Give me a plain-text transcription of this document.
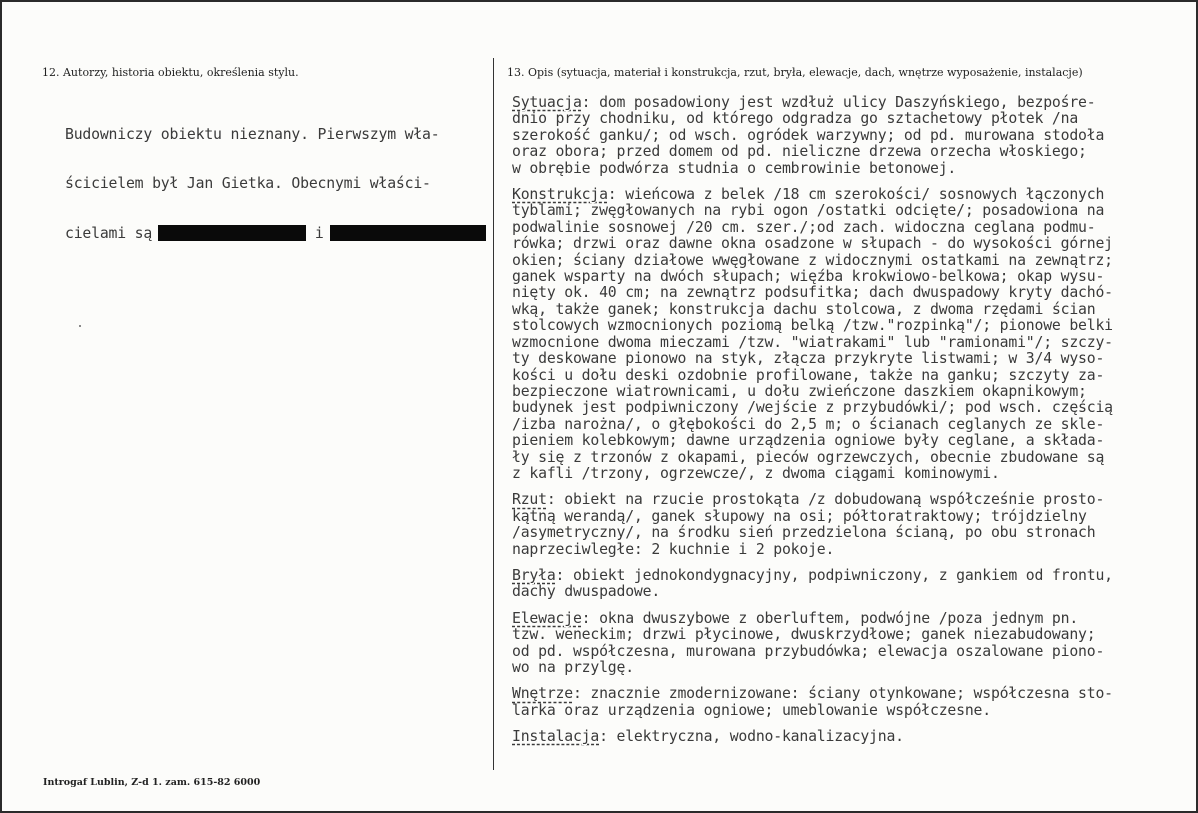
12. Autorzy, historia obiektu, określenia stylu.	13. Opis (sytuacja, materiał i konstrukcja, rzut, bryła, elewacje, dach, wnętrze wyposażenie, instalacje)

Budowniczy obiektu nieznany. Pierwszym wła-

ścicielem był Jan Gietka. Obecnymi właści-

cielami są	i

Sytuacja: dom posadowiony jest wzdłuż ulicy Daszyńskiego, bezpośre-
dnio przy chodniku, od którego odgradza go sztachetowy płotek /na
szerokość ganku/; od wsch. ogródek warzywny; od pd. murowana stodoła
oraz obora; przed domem od pd. nieliczne drzewa orzecha włoskiego;
w obrębie podwórza studnia o cembrowinie betonowej.
Konstrukcja: wieńcowa z belek /18 cm szerokości/ sosnowych łączonych
tyblami; zwęgłowanych na rybi ogon /ostatki odcięte/; posadowiona na
podwalinie sosnowej /20 cm. szer./;od zach. widoczna ceglana podmu-
rówka; drzwi oraz dawne okna osadzone w słupach - do wysokości górnej
okien; ściany działowe wwęgłowane z widocznymi ostatkami na zewnątrz;
ganek wsparty na dwóch słupach; więźba krokwiowo-belkowa; okap wysu-
nięty ok. 40 cm; na zewnątrz podsufitka; dach dwuspadowy kryty dachó-
wką, także ganek; konstrukcja dachu stolcowa, z dwoma rzędami ścian
stolcowych wzmocnionych poziomą belką /tzw."rozpinką"/; pionowe belki
wzmocnione dwoma mieczami /tzw. "wiatrakami" lub "ramionami"/; szczy-
ty deskowane pionowo na styk, złącza przykryte listwami; w 3/4 wyso-
kości u dołu deski ozdobnie profilowane, także na ganku; szczyty za-
bezpieczone wiatrownicami, u dołu zwieńczone daszkiem okapnikowym;
budynek jest podpiwniczony /wejście z przybudówki/; pod wsch. częścią
/izba narożna/, o głębokości do 2,5 m; o ścianach ceglanych ze skle-
pieniem kolebkowym; dawne urządzenia ogniowe były ceglane, a składa-
ły się z trzonów z okapami, pieców ogrzewczych, obecnie zbudowane są
z kafli /trzony, ogrzewcze/, z dwoma ciągami kominowymi.
Rzut: obiekt na rzucie prostokąta /z dobudowaną współcześnie prosto-
kątną werandą/, ganek słupowy na osi; półtoratraktowy; trójdzielny
/asymetryczny/, na środku sień przedzielona ścianą, po obu stronach
naprzeciwległe: 2 kuchnie i 2 pokoje.
Bryła: obiekt jednokondygnacyjny, podpiwniczony, z gankiem od frontu,
dachy dwuspadowe.
Elewacje: okna dwuszybowe z oberluftem, podwójne /poza jednym pn.
tzw. weneckim; drzwi płycinowe, dwuskrzydłowe; ganek niezabudowany;
od pd. współczesna, murowana przybudówka; elewacja oszalowane piono-
wo na przylgę.
Wnętrze: znacznie zmodernizowane: ściany otynkowane; współczesna sto-
larka oraz urządzenia ogniowe; umeblowanie współczesne.
Instalacja: elektryczna, wodno-kanalizacyjna.
Introgaf Lublin, Z-d 1. zam. 615-82 6000
